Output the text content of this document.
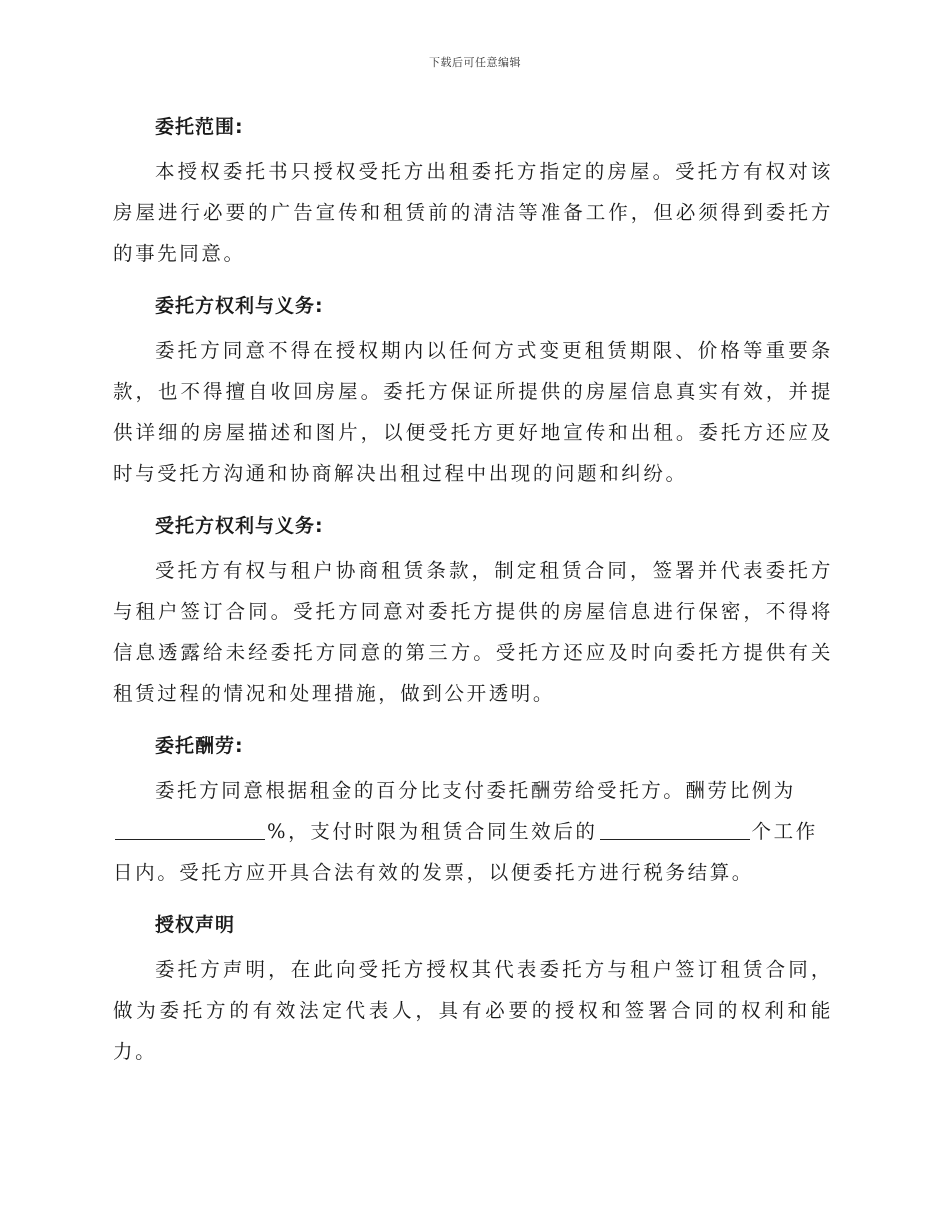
下载后可任意编辑
委托范围:

本授权委托书只授权受托方出租委托方指定的房屋。受托方有权对该房屋进行必要的广告宣传和租赁前的清洁等准备工作，但必须得到委托方的事先同意。

委托方权利与义务:

委托方同意不得在授权期内以任何方式变更租赁期限、价格等重要条款，也不得擅自收回房屋。委托方保证所提供的房屋信息真实有效，并提供详细的房屋描述和图片，以便受托方更好地宣传和出租。委托方还应及时与受托方沟通和协商解决出租过程中出现的问题和纠纷。

受托方权利与义务:

受托方有权与租户协商租赁条款，制定租赁合同，签署并代表委托方与租户签订合同。受托方同意对委托方提供的房屋信息进行保密，不得将信息透露给未经委托方同意的第三方。受托方还应及时向委托方提供有关租赁过程的情况和处理措施，做到公开透明。

委托酬劳:

委托方同意根据租金的百分比支付委托酬劳给受托方。酬劳比例为
%，支付时限为租赁合同生效后的	个工作
日内。受托方应开具合法有效的发票，以便委托方进行税务结算。

授权声明

委托方声明，在此向受托方授权其代表委托方与租户签订租赁合同，做为委托方的有效法定代表人，具有必要的授权和签署合同的权利和能力。
